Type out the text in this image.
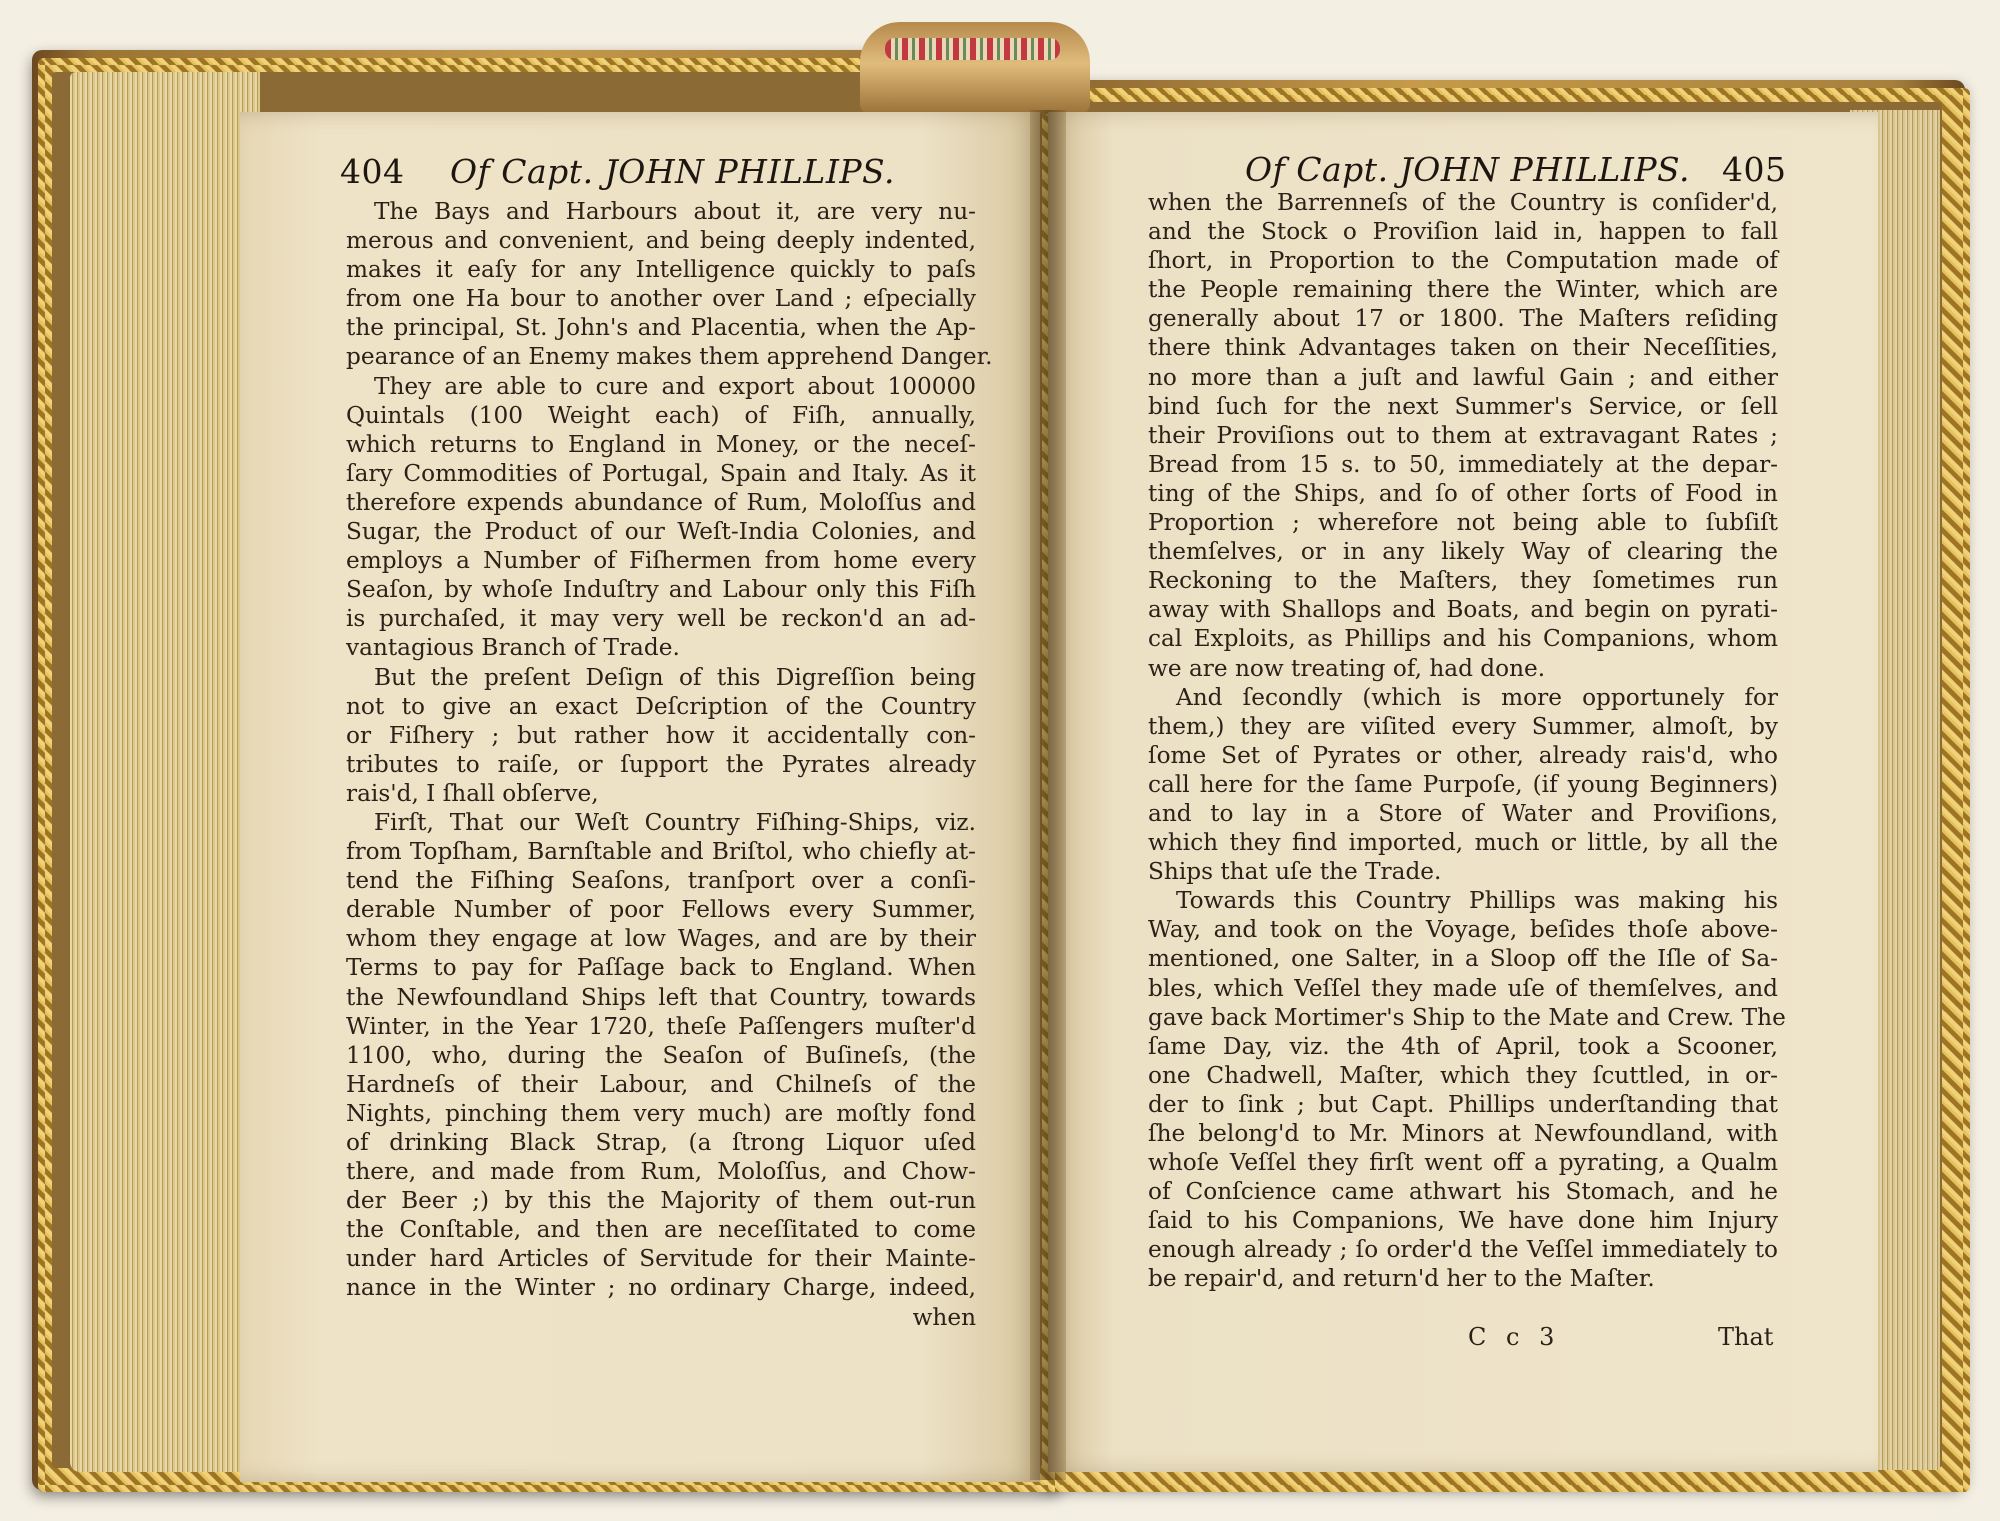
404 Of Capt. JOHN PHILLIPS.	Of Capt. JOHN PHILLIPS. 405
The Bays and Harbours about it, are very nu-
merous and convenient, and being deeply indented,
makes it eaſy for any Intelligence quickly to paſs
from one Ha bour to another over Land ; eſpecially
the principal, St. John's and Placentia, when the Ap-
pearance of an Enemy makes them apprehend Danger.
They are able to cure and export about 100000
Quintals (100 Weight each) of Fiſh, annually,
which returns to England in Money, or the neceſ-
ſary Commodities of Portugal, Spain and Italy. As it
therefore expends abundance of Rum, Moloſſus and
Sugar, the Product of our Weſt-India Colonies, and
employs a Number of Fiſhermen from home every
Seaſon, by whoſe Induſtry and Labour only this Fiſh
is purchaſed, it may very well be reckon'd an ad-
vantagious Branch of Trade.
But the preſent Deſign of this Digreſſion being
not to give an exact Deſcription of the Country
or Fiſhery ; but rather how it accidentally con-
tributes to raiſe, or ſupport the Pyrates already
rais'd, I ſhall obſerve,
Firſt, That our Weſt Country Fiſhing-Ships, viz.
from Topſham, Barnſtable and Briſtol, who chiefly at-
tend the Fiſhing Seaſons, tranſport over a conſi-
derable Number of poor Fellows every Summer,
whom they engage at low Wages, and are by their
Terms to pay for Paſſage back to England. When
the Newfoundland Ships left that Country, towards
Winter, in the Year 1720, theſe Paſſengers muſter'd
1100, who, during the Seaſon of Buſineſs, (the
Hardneſs of their Labour, and Chilneſs of the
Nights, pinching them very much) are moſtly fond
of drinking Black Strap, (a ſtrong Liquor uſed
there, and made from Rum, Moloſſus, and Chow-
der Beer ;) by this the Majority of them out-run
the Conſtable, and then are neceſſitated to come
under hard Articles of Servitude for their Mainte-
nance in the Winter ; no ordinary Charge, indeed,
when
when the Barrenneſs of the Country is conſider'd,
and the Stock o Proviſion laid in, happen to fall
ſhort, in Proportion to the Computation made of
the People remaining there the Winter, which are
generally about 17 or 1800. The Maſters reſiding
there think Advantages taken on their Neceſſities,
no more than a juſt and lawful Gain ; and either
bind ſuch for the next Summer's Service, or ſell
their Proviſions out to them at extravagant Rates ;
Bread from 15 s. to 50, immediately at the depar-
ting of the Ships, and ſo of other ſorts of Food in
Proportion ; wherefore not being able to ſubſiſt
themſelves, or in any likely Way of clearing the
Reckoning to the Maſters, they ſometimes run
away with Shallops and Boats, and begin on pyrati-
cal Exploits, as Phillips and his Companions, whom
we are now treating of, had done.
And ſecondly (which is more opportunely for
them,) they are viſited every Summer, almoſt, by
ſome Set of Pyrates or other, already rais'd, who
call here for the ſame Purpoſe, (if young Beginners)
and to lay in a Store of Water and Proviſions,
which they find imported, much or little, by all the
Ships that uſe the Trade.
Towards this Country Phillips was making his
Way, and took on the Voyage, beſides thoſe above-
mentioned, one Salter, in a Sloop off the Iſle of Sa-
bles, which Veſſel they made uſe of themſelves, and
gave back Mortimer's Ship to the Mate and Crew. The
ſame Day, viz. the 4th of April, took a Scooner,
one Chadwell, Maſter, which they ſcuttled, in or-
der to ſink ; but Capt. Phillips underſtanding that
ſhe belong'd to Mr. Minors at Newfoundland, with
whoſe Veſſel they firſt went off a pyrating, a Qualm
of Conſcience came athwart his Stomach, and he
ſaid to his Companions, We have done him Injury
enough already ; ſo order'd the Veſſel immediately to
be repair'd, and return'd her to the Maſter.
C c 3	That
